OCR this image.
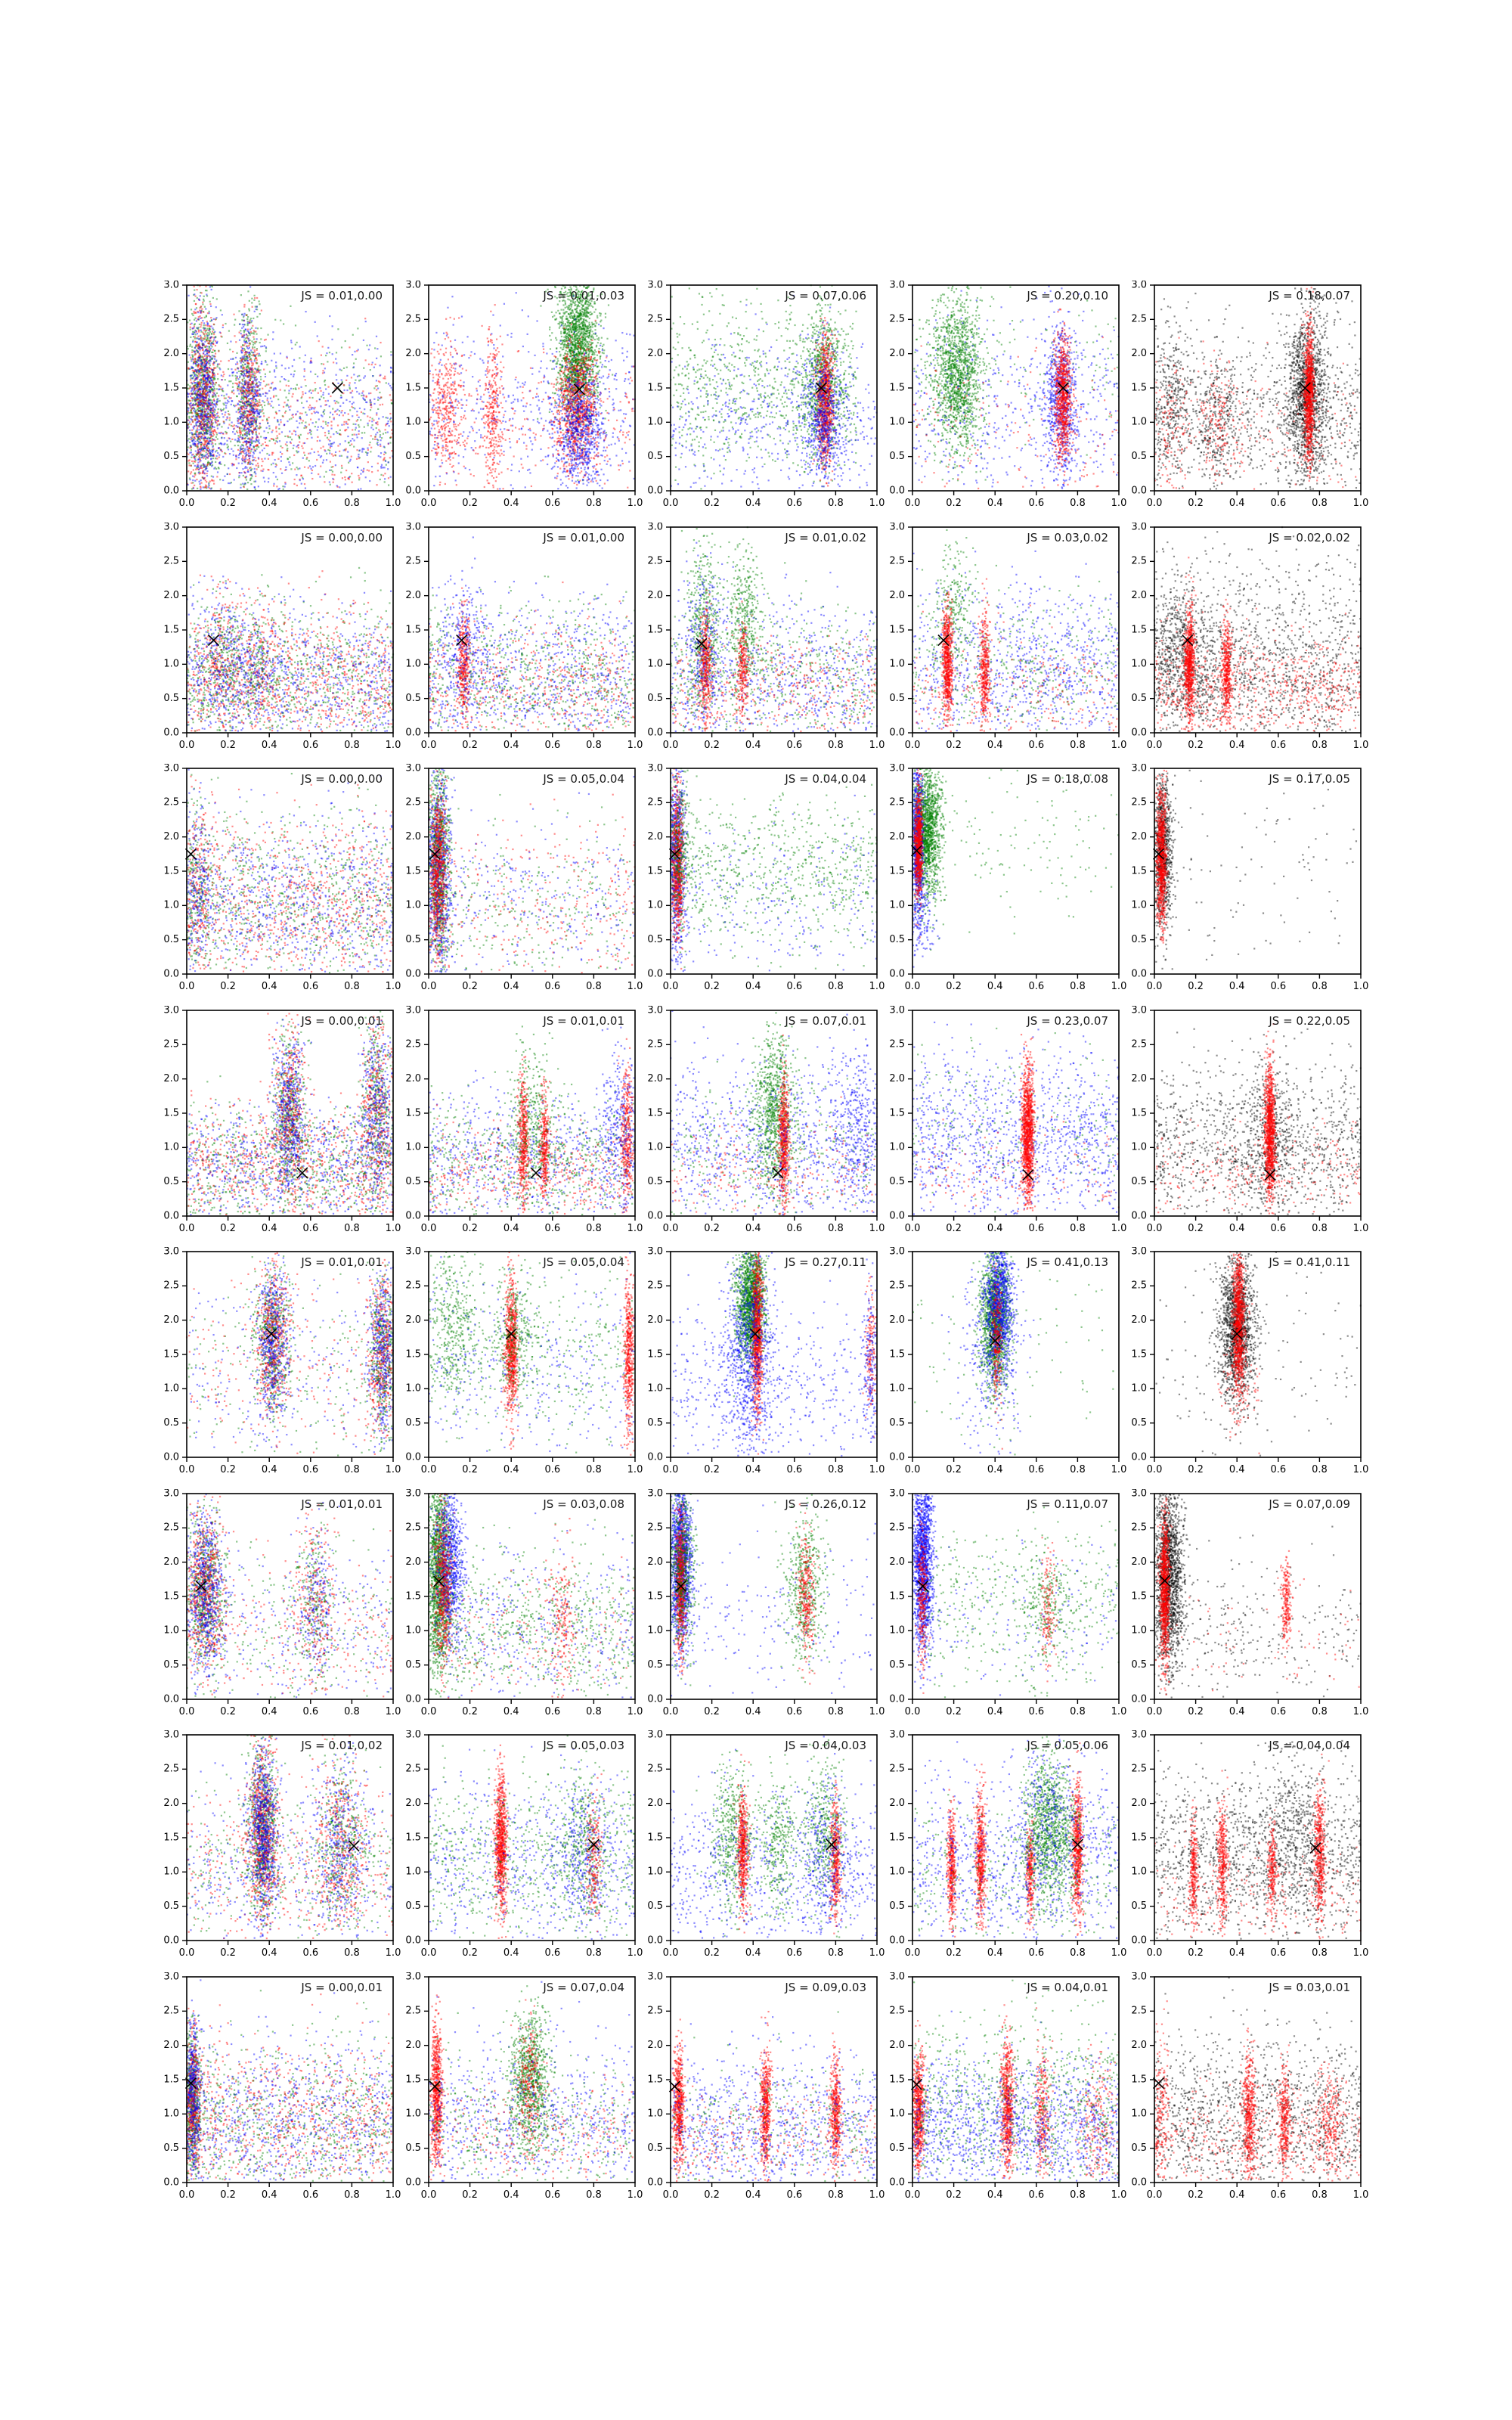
JS = 0.01,0.00	JS = 0.01,0.03	JS = 0.07,0.06	JS = 0.20,0.10	JS = 0.18,0.07
JS = 0.00,0.00	JS = 0.01,0.00	JS = 0.01,0.02	JS = 0.03,0.02	JS = 0.02,0.02
JS = 0.00,0.00	JS = 0.05,0.04	JS = 0.04,0.04	JS = 0.18,0.08	JS = 0.17,0.05
JS = 0.00,0.01	JS = 0.01,0.01	JS = 0.07,0.01	JS = 0.23,0.07	JS = 0.22,0.05
JS = 0.01,0.01	JS = 0.05,0.04	JS = 0.27,0.11	JS = 0.41,0.13	JS = 0.41,0.11
JS = 0.01,0.01	JS = 0.03,0.08	JS = 0.26,0.12	JS = 0.11,0.07	JS = 0.07,0.09
JS = 0.01,0.02	JS = 0.05,0.03	JS = 0.04,0.03	JS = 0.05,0.06	JS = 0.04,0.04
JS = 0.00,0.01	JS = 0.07,0.04	JS = 0.09,0.03	JS = 0.04,0.01	JS = 0.03,0.01
